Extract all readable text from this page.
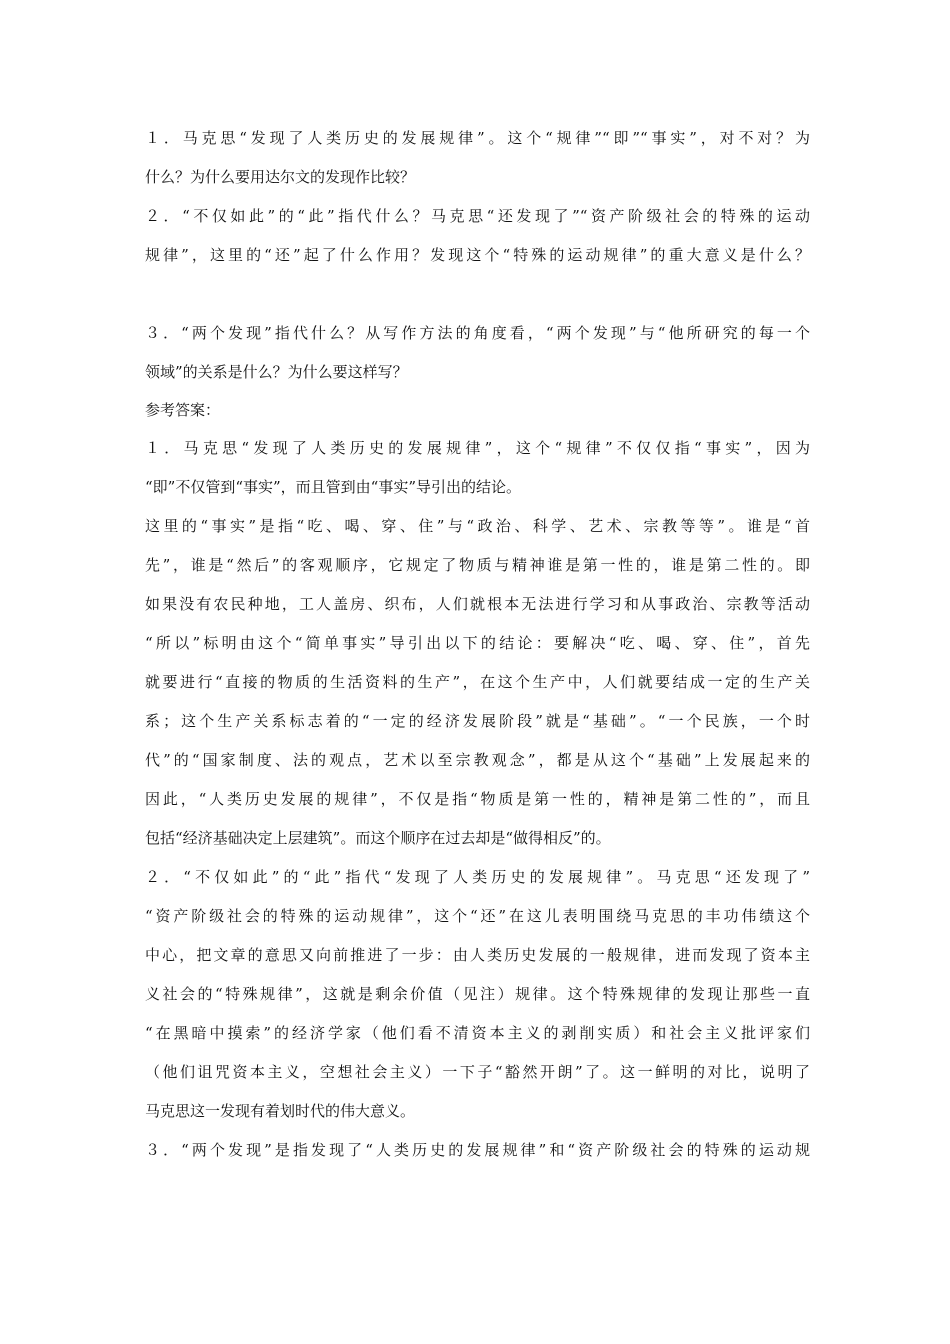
１．马克思“发现了人类历史的发展规律”。这个“规律”“即”“事实”，对不对？为
什么？为什么要用达尔文的发现作比较？
２．“不仅如此”的“此”指代什么？马克思“还发现了”“资产阶级社会的特殊的运动
规律”，这里的“还”起了什么作用？发现这个“特殊的运动规律”的重大意义是什么？
３．“两个发现”指代什么？从写作方法的角度看，“两个发现”与“他所研究的每一个
领域”的关系是什么？为什么要这样写？
参考答案：
１．马克思“发现了人类历史的发展规律”，这个“规律”不仅仅指“事实”，因为
“即”不仅管到“事实”，而且管到由“事实”导引出的结论。
这里的“事实”是指“吃、喝、穿、住”与“政治、科学、艺术、宗教等等”。谁是“首
先”，谁是“然后”的客观顺序，它规定了物质与精神谁是第一性的，谁是第二性的。即
如果没有农民种地，工人盖房、织布，人们就根本无法进行学习和从事政治、宗教等活动
“所以”标明由这个“简单事实”导引出以下的结论：要解决“吃、喝、穿、住”，首先
就要进行“直接的物质的生活资料的生产”，在这个生产中，人们就要结成一定的生产关
系；这个生产关系标志着的“一定的经济发展阶段”就是“基础”。“一个民族，一个时
代”的“国家制度、法的观点，艺术以至宗教观念”，都是从这个“基础”上发展起来的
因此，“人类历史发展的规律”，不仅是指“物质是第一性的，精神是第二性的”，而且
包括“经济基础决定上层建筑”。而这个顺序在过去却是“做得相反”的。
２．“不仅如此”的“此”指代“发现了人类历史的发展规律”。马克思“还发现了”
“资产阶级社会的特殊的运动规律”，这个“还”在这儿表明围绕马克思的丰功伟绩这个
中心，把文章的意思又向前推进了一步：由人类历史发展的一般规律，进而发现了资本主
义社会的“特殊规律”，这就是剩余价值（见注）规律。这个特殊规律的发现让那些一直
“在黑暗中摸索”的经济学家（他们看不清资本主义的剥削实质）和社会主义批评家们
（他们诅咒资本主义，空想社会主义）一下子“豁然开朗”了。这一鲜明的对比，说明了
马克思这一发现有着划时代的伟大意义。
３．“两个发现”是指发现了“人类历史的发展规律”和“资产阶级社会的特殊的运动规
